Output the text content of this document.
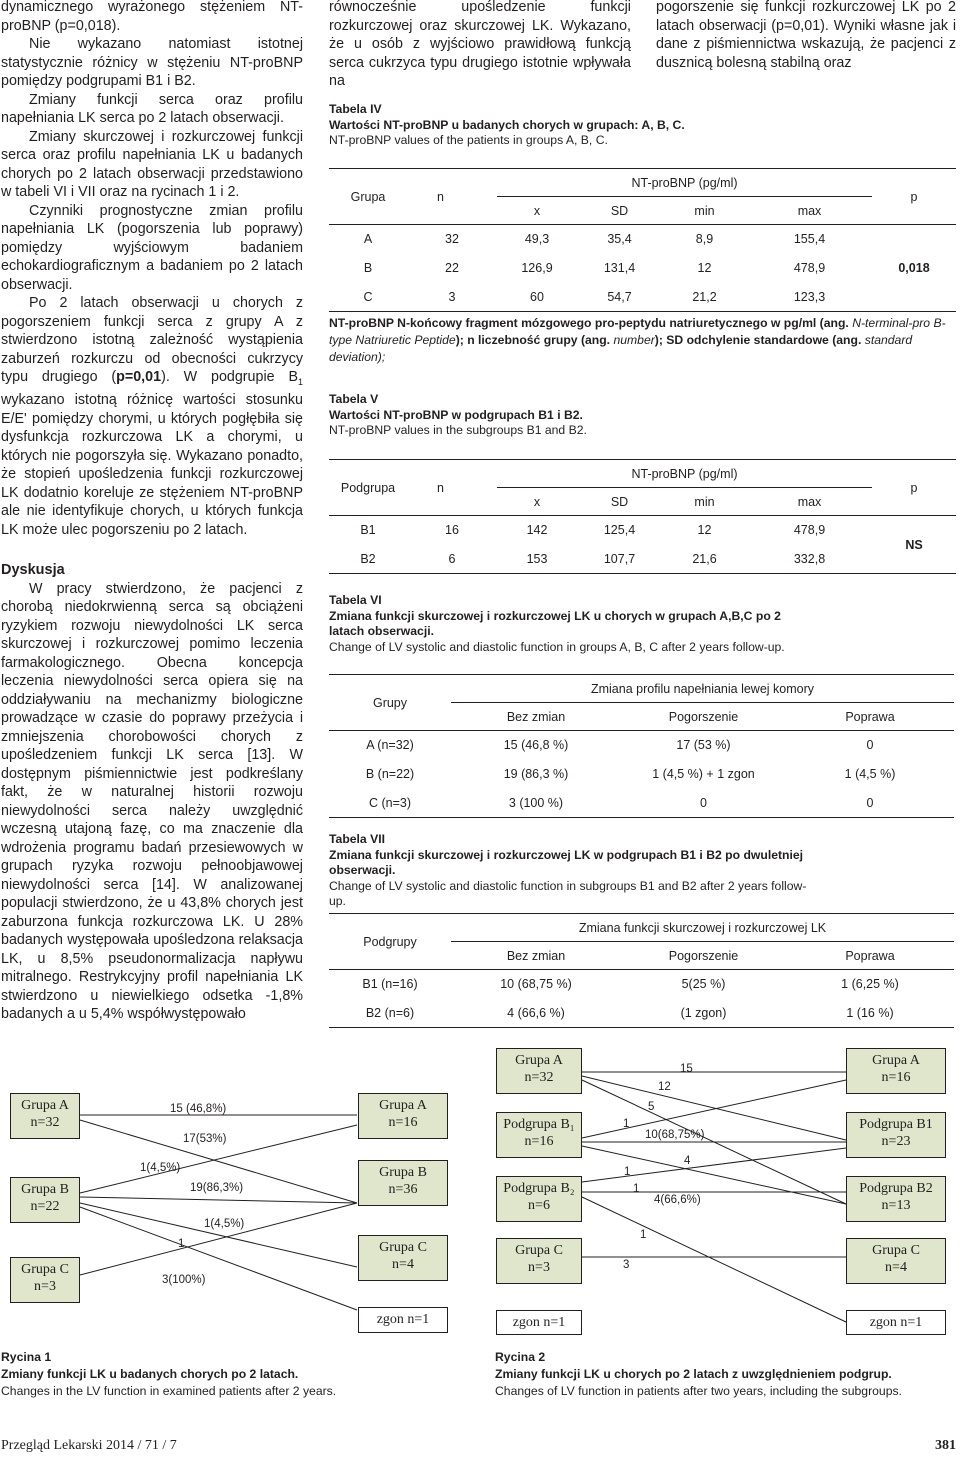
dynamicznego wyrażonego stężeniem NT-proBNP (p=0,018).

Nie wykazano natomiast istotnej statystycznie różnicy w stężeniu NT-proBNP pomiędzy podgrupami B1 i B2.

Zmiany funkcji serca oraz profilu napełniania LK serca po 2 latach obserwacji.

Zmiany skurczowej i rozkurczowej funkcji serca oraz profilu napełniania LK u badanych chorych po 2 latach obserwacji przedstawiono w tabeli VI i VII oraz na rycinach 1 i 2.

Czynniki prognostyczne zmian profilu napełniania LK (pogorszenia lub poprawy) pomiędzy wyjściowym badaniem echokardiograficznym a badaniem po 2 latach obserwacji.

Po 2 latach obserwacji u chorych z pogorszeniem funkcji serca z grupy A z stwierdzono istotną zależność wystąpienia zaburzeń rozkurczu od obecności cukrzycy typu drugiego (p=0,01). W podgrupie $B_1$ wykazano istotną różnicę wartości stosunku E/E' pomiędzy chorymi, u których pogłębiła się dysfunkcja rozkurczowa LK a chorymi, u których nie pogorszyła się. Wykazano ponadto, że stopień upośledzenia funkcji rozkurczowej LK dodatnio koreluje ze stężeniem NT-proBNP ale nie identyfikuje chorych, u których funkcja LK może ulec pogorszeniu po 2 latach.

Dyskusja

W pracy stwierdzono, że pacjenci z chorobą niedokrwienną serca są obciążeni ryzykiem rozwoju niewydolności LK serca skurczowej i rozkurczowej pomimo leczenia farmakologicznego. Obecna koncepcja leczenia niewydolności serca opiera się na oddziaływaniu na mechanizmy biologiczne prowadzące w czasie do poprawy przeżycia i zmniejszenia chorobowości chorych z upośledzeniem funkcji LK serca [13]. W dostępnym piśmiennictwie jest podkreślany fakt, że w naturalnej historii rozwoju niewydolności serca należy uwzględnić wczesną utajoną fazę, co ma znaczenie dla wdrożenia programu badań przesiewowych w grupach ryzyka rozwoju pełnoobjawowej niewydolności serca [14]. W analizowanej populacji stwierdzono, że u 43,8% chorych jest zaburzona funkcja rozkurczowa LK. U 28% badanych występowała upośledzona relaksacja LK, u 8,5% pseudonormalizacja napływu mitralnego. Restrykcyjny profil napełniania LK stwierdzono u niewielkiego odsetka -1,8% badanych a u 5,4% współwystępowało

równocześnie upośledzenie funkcji rozkurczowej oraz skurczowej LK. Wykazano, że u osób z wyjściowo prawidłową funkcją serca cukrzyca typu drugiego istotnie wpływała na
pogorszenie się funkcji rozkurczowej LK po 2 latach obserwacji (p=0,01). Wyniki własne jak i dane z piśmiennictwa wskazują, że pacjenci z dusznicą bolesną stabilną oraz
Tabela IV
Wartości NT-proBNP u badanych chorych w grupach: A, B, C.
NT-proBNP values of the patients in groups A, B, C.
Grupa	n	NT-proBNP (pg/ml)				p
		x	SD	min	max	
A	32	49,3	35,4	8,9	155,4	0,018
B	22	126,9	131,4	12	478,9	
C	3	60	54,7	21,2	123,3	
NT-proBNP N-końcowy fragment mózgowego pro-peptydu natriuretycznego w pg/ml (ang. N-terminal-pro B-type Natriuretic Peptide); n liczebność grupy (ang. number); SD odchylenie standardowe (ang. standard deviation);
Tabela V
Wartości NT-proBNP w podgrupach B1 i B2.
NT-proBNP values in the subgroups B1 and B2.
Podgrupa	n	NT-proBNP (pg/ml)				p
		x	SD	min	max	
B1	16	142	125,4	12	478,9	NS
B2	6	153	107,7	21,6	332,8	
Tabela VI
Zmiana funkcji skurczowej i rozkurczowej LK u chorych w grupach A,B,C po 2 latach obserwacji.
Change of LV systolic and diastolic function in groups A, B, C after 2 years follow-up.
Grupy	Zmiana profilu napełniania lewej komory		
	Bez zmian	Pogorszenie	Poprawa
A (n=32)	15 (46,8 %)	17 (53 %)	0
B (n=22)	19 (86,3 %)	1 (4,5 %) + 1 zgon	1 (4,5 %)
C (n=3)	3 (100 %)	0	0
Tabela VII
Zmiana funkcji skurczowej i rozkurczowej LK w podgrupach B1 i B2 po dwuletniej obserwacji.
Change of LV systolic and diastolic function in subgroups B1 and B2 after 2 years follow-up.
Podgrupy	Zmiana funkcji skurczowej i rozkurczowej LK		
	Bez zmian	Pogorszenie	Poprawa
B1 (n=16)	10 (68,75 %)	5(25 %)	1 (6,25 %)
B2 (n=6)	4 (66,6 %)	(1 zgon)	1 (16 %)
15 (46,8%)
17(53%)
1(4,5%)
19(86,3%)
1(4,5%)
1
3(100%)
Grupa A
n=32
Grupa B
n=22
Grupa C
n=3
Grupa A
n=16
Grupa B
n=36
Grupa C
n=4
zgon n=1
Rycina 1
Zmiany funkcji LK u badanych chorych po 2 latach.
Changes in the LV function in examined patients after 2 years.
15
12
5
1
10(68,75%)
4
1
1
4(66,6%)
1
3
Grupa A
n=32
Podgrupa B₁
n=16
Podgrupa B₂
n=6
Grupa C
n=3
zgon n=1
Grupa A
n=16
Podgrupa B1
n=23
Podgrupa B2
n=13
Grupa C
n=4
zgon n=1
Rycina 2
Zmiany funkcji LK u chorych po 2 latach z uwzględnieniem podgrup.
Changes of LV function in patients after two years, including the subgroups.
Przegląd Lekarski 2014 / 71 / 7	381
